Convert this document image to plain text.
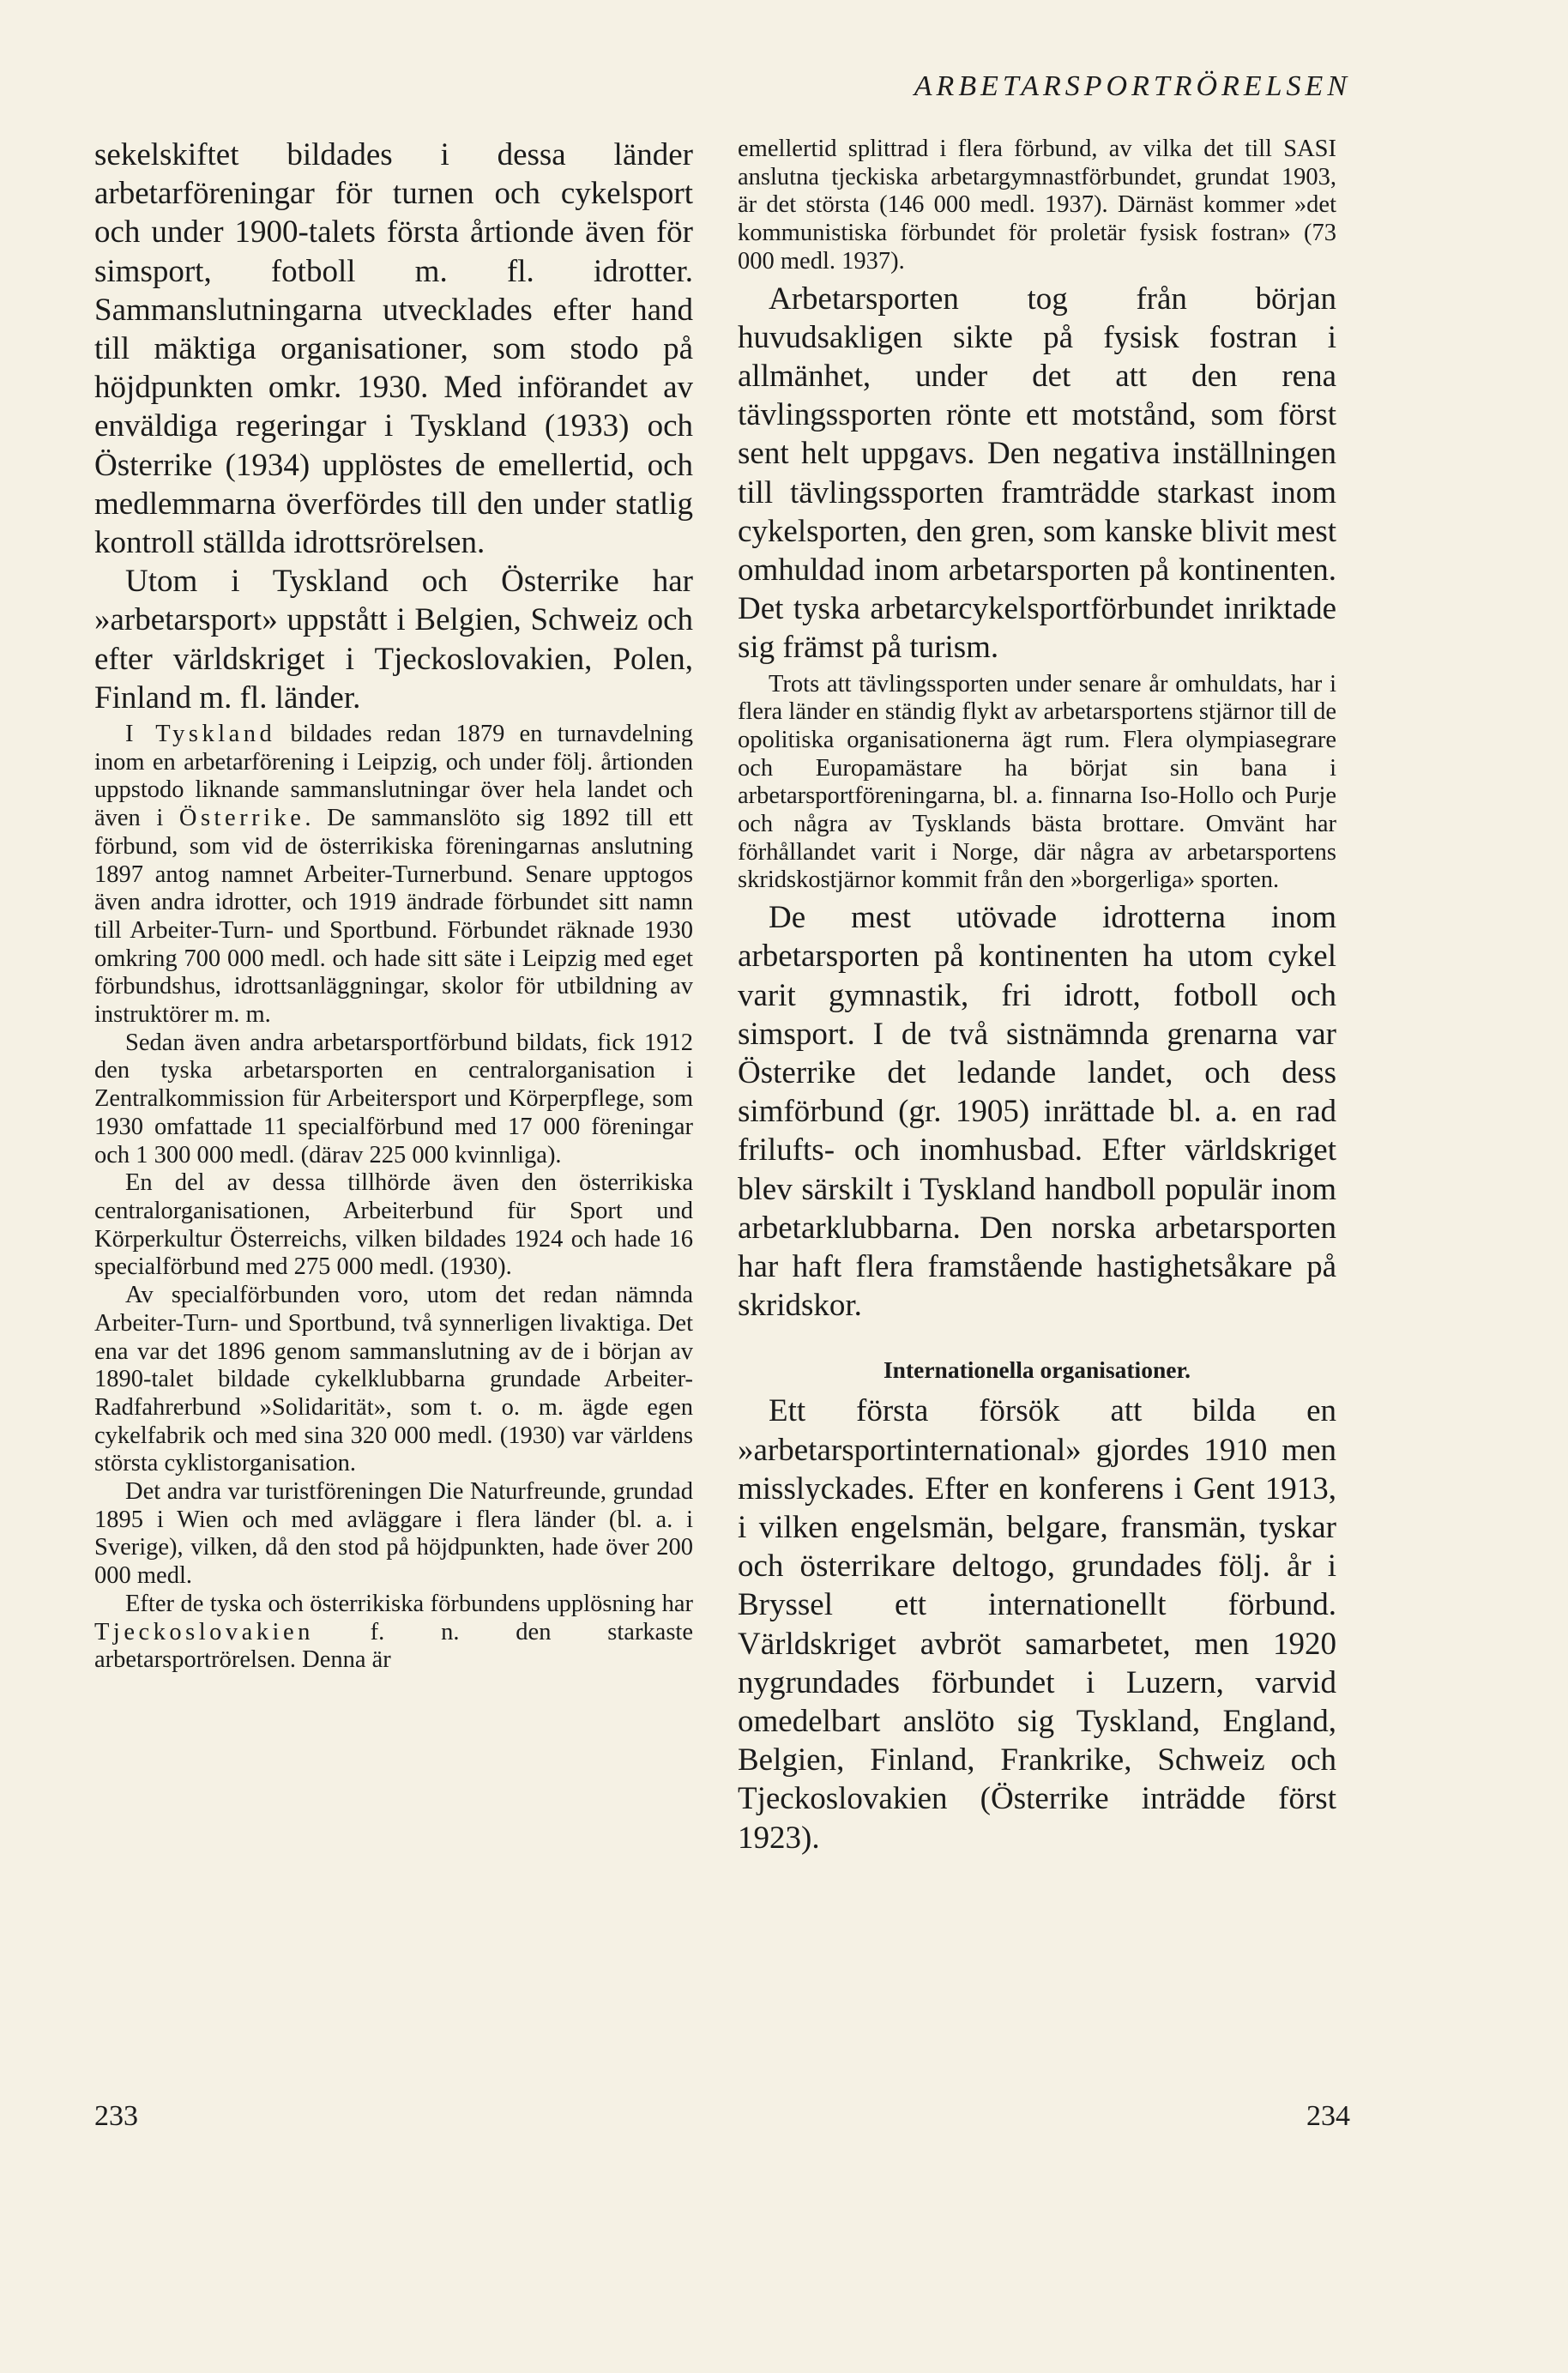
ARBETARSPORTRÖRELSEN

sekelskiftet bildades i dessa länder arbetarföreningar för turnen och cykelsport och under 1900-talets första årtionde även för simsport, fotboll m. fl. idrotter. Sammanslutningarna utvecklades efter hand till mäktiga organisationer, som stodo på höjdpunkten omkr. 1930. Med införandet av enväldiga regeringar i Tyskland (1933) och Österrike (1934) upplöstes de emellertid, och medlemmarna överfördes till den under statlig kontroll ställda idrottsrörelsen.

Utom i Tyskland och Österrike har »arbetarsport» uppstått i Belgien, Schweiz och efter världskriget i Tjeckoslovakien, Polen, Finland m. fl. länder.

I Tyskland bildades redan 1879 en turnavdelning inom en arbetarförening i Leipzig, och under följ. årtionden uppstodo liknande sammanslutningar över hela landet och även i Österrike. De sammanslöto sig 1892 till ett förbund, som vid de österrikiska föreningarnas anslutning 1897 antog namnet Arbeiter-Turnerbund. Senare upptogos även andra idrotter, och 1919 ändrade förbundet sitt namn till Arbeiter-Turn- und Sportbund. Förbundet räknade 1930 omkring 700 000 medl. och hade sitt säte i Leipzig med eget förbundshus, idrottsanläggningar, skolor för utbildning av instruktörer m. m.

Sedan även andra arbetarsportförbund bildats, fick 1912 den tyska arbetarsporten en centralorganisation i Zentralkommission für Arbeitersport und Körperpflege, som 1930 omfattade 11 specialförbund med 17 000 föreningar och 1 300 000 medl. (därav 225 000 kvinnliga).

En del av dessa tillhörde även den österrikiska centralorganisationen, Arbeiterbund für Sport und Körperkultur Österreichs, vilken bildades 1924 och hade 16 specialförbund med 275 000 medl. (1930).

Av specialförbunden voro, utom det redan nämnda Arbeiter-Turn- und Sportbund, två synnerligen livaktiga. Det ena var det 1896 genom sammanslutning av de i början av 1890-talet bildade cykelklubbarna grundade Arbeiter-Radfahrerbund »Solidarität», som t. o. m. ägde egen cykelfabrik och med sina 320 000 medl. (1930) var världens största cyklistorganisation.

Det andra var turistföreningen Die Naturfreunde, grundad 1895 i Wien och med avläggare i flera länder (bl. a. i Sverige), vilken, då den stod på höjdpunkten, hade över 200 000 medl.

Efter de tyska och österrikiska förbundens upplösning har Tjeckoslovakien f. n. den starkaste arbetarsportrörelsen. Denna är

emellertid splittrad i flera förbund, av vilka det till SASI anslutna tjeckiska arbetargymnastförbundet, grundat 1903, är det största (146 000 medl. 1937). Därnäst kommer »det kommunistiska förbundet för proletär fysisk fostran» (73 000 medl. 1937).

Arbetarsporten tog från början huvudsakligen sikte på fysisk fostran i allmänhet, under det att den rena tävlingssporten rönte ett motstånd, som först sent helt uppgavs. Den negativa inställningen till tävlingssporten framträdde starkast inom cykelsporten, den gren, som kanske blivit mest omhuldad inom arbetarsporten på kontinenten. Det tyska arbetarcykelsportförbundet inriktade sig främst på turism.

Trots att tävlingssporten under senare år omhuldats, har i flera länder en ständig flykt av arbetarsportens stjärnor till de opolitiska organisationerna ägt rum. Flera olympiasegrare och Europamästare ha börjat sin bana i arbetarsportföreningarna, bl. a. finnarna Iso-Hollo och Purje och några av Tysklands bästa brottare. Omvänt har förhållandet varit i Norge, där några av arbetarsportens skridskostjärnor kommit från den »borgerliga» sporten.

De mest utövade idrotterna inom arbetarsporten på kontinenten ha utom cykel varit gymnastik, fri idrott, fotboll och simsport. I de två sistnämnda grenarna var Österrike det ledande landet, och dess simförbund (gr. 1905) inrättade bl. a. en rad frilufts- och inomhusbad. Efter världskriget blev särskilt i Tyskland handboll populär inom arbetarklubbarna. Den norska arbetarsporten har haft flera framstående hastighetsåkare på skridskor.

Internationella organisationer.

Ett första försök att bilda en »arbetarsportinternational» gjordes 1910 men misslyckades. Efter en konferens i Gent 1913, i vilken engelsmän, belgare, fransmän, tyskar och österrikare deltogo, grundades följ. år i Bryssel ett internationellt förbund. Världskriget avbröt samarbetet, men 1920 nygrundades förbundet i Luzern, varvid omedelbart anslöto sig Tyskland, England, Belgien, Finland, Frankrike, Schweiz och Tjeckoslovakien (Österrike inträdde först 1923).

233	234
